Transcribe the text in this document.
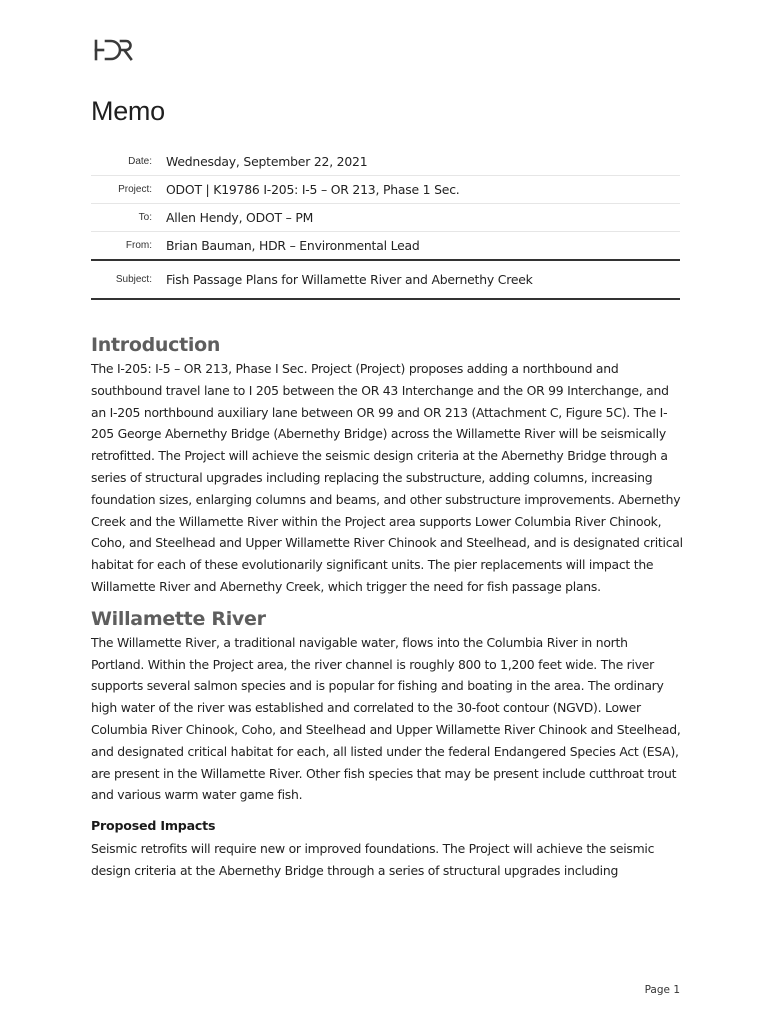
Memo
Date: Wednesday, September 22, 2021
Project: ODOT | K19786 I-205: I-5 – OR 213, Phase 1 Sec.
To: Allen Hendy, ODOT – PM
From: Brian Bauman, HDR – Environmental Lead
Subject: Fish Passage Plans for Willamette River and Abernethy Creek
Introduction

The I-205: I-5 – OR 213, Phase I Sec. Project (Project) proposes adding a northbound and southbound travel lane to I 205 between the OR 43 Interchange and the OR 99 Interchange, and an I-205 northbound auxiliary lane between OR 99 and OR 213 (Attachment C, Figure 5C). The I-205 George Abernethy Bridge (Abernethy Bridge) across the Willamette River will be seismically retrofitted. The Project will achieve the seismic design criteria at the Abernethy Bridge through a series of structural upgrades including replacing the substructure, adding columns, increasing foundation sizes, enlarging columns and beams, and other substructure improvements. Abernethy Creek and the Willamette River within the Project area supports Lower Columbia River Chinook, Coho, and Steelhead and Upper Willamette River Chinook and Steelhead, and is designated critical habitat for each of these evolutionarily significant units. The pier replacements will impact the Willamette River and Abernethy Creek, which trigger the need for fish passage plans.

Willamette River

The Willamette River, a traditional navigable water, flows into the Columbia River in north Portland. Within the Project area, the river channel is roughly 800 to 1,200 feet wide. The river supports several salmon species and is popular for fishing and boating in the area. The ordinary high water of the river was established and correlated to the 30-foot contour (NGVD). Lower Columbia River Chinook, Coho, and Steelhead and Upper Willamette River Chinook and Steelhead, and designated critical habitat for each, all listed under the federal Endangered Species Act (ESA), are present in the Willamette River. Other fish species that may be present include cutthroat trout and various warm water game fish.

Proposed Impacts

Seismic retrofits will require new or improved foundations. The Project will achieve the seismic design criteria at the Abernethy Bridge through a series of structural upgrades including

Page 1
